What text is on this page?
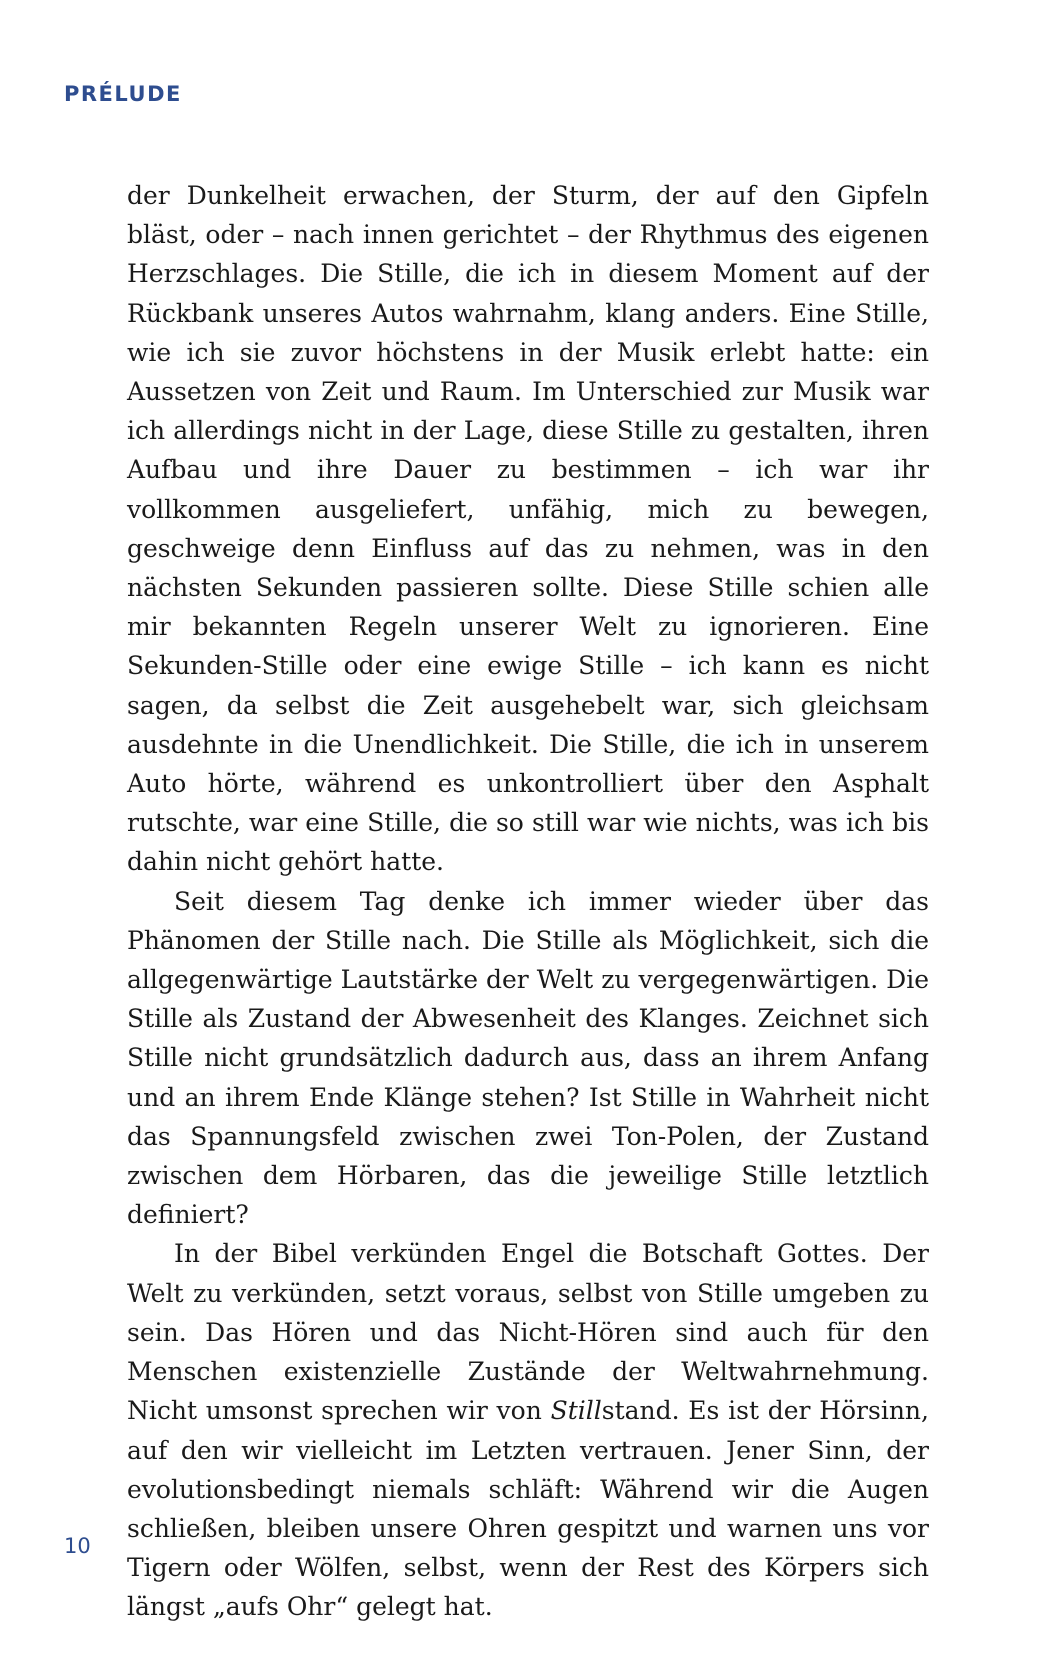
PRÉLUDE

der Dunkelheit erwachen, der Sturm, der auf den Gipfeln bläst, oder – nach innen gerichtet – der Rhythmus des eigenen Herzschlages. Die Stille, die ich in diesem Moment auf der Rückbank unseres Autos wahrnahm, klang anders. Eine Stille, wie ich sie zuvor höchstens in der Musik erlebt hatte: ein Aussetzen von Zeit und Raum. Im Unterschied zur Musik war ich allerdings nicht in der Lage, diese Stille zu gestalten, ihren Aufbau und ihre Dauer zu bestimmen – ich war ihr vollkommen ausgeliefert, unfähig, mich zu bewegen, geschweige denn Einfluss auf das zu nehmen, was in den nächsten Sekunden passieren sollte. Diese Stille schien alle mir bekannten Regeln unserer Welt zu ignorieren. Eine Sekunden-Stille oder eine ewige Stille – ich kann es nicht sagen, da selbst die Zeit ausgehebelt war, sich gleichsam ausdehnte in die Unendlichkeit. Die Stille, die ich in unserem Auto hörte, während es unkontrolliert über den Asphalt rutschte, war eine Stille, die so still war wie nichts, was ich bis dahin nicht gehört hatte.

Seit diesem Tag denke ich immer wieder über das Phänomen der Stille nach. Die Stille als Möglichkeit, sich die allgegenwärtige Lautstärke der Welt zu vergegenwärtigen. Die Stille als Zustand der Abwesenheit des Klanges. Zeichnet sich Stille nicht grundsätzlich dadurch aus, dass an ihrem Anfang und an ihrem Ende Klänge stehen? Ist Stille in Wahrheit nicht das Spannungsfeld zwischen zwei Ton-Polen, der Zustand zwischen dem Hörbaren, das die jeweilige Stille letztlich definiert?

In der Bibel verkünden Engel die Botschaft Gottes. Der Welt zu verkünden, setzt voraus, selbst von Stille umgeben zu sein. Das Hören und das Nicht-Hören sind auch für den Menschen existenzielle Zustände der Weltwahrnehmung. Nicht umsonst sprechen wir von Stillstand. Es ist der Hörsinn, auf den wir vielleicht im Letzten vertrauen. Jener Sinn, der evolutionsbedingt niemals schläft: Während wir die Augen schließen, bleiben unsere Ohren gespitzt und warnen uns vor Tigern oder Wölfen, selbst, wenn der Rest des Körpers sich längst „aufs Ohr“ gelegt hat.

10
